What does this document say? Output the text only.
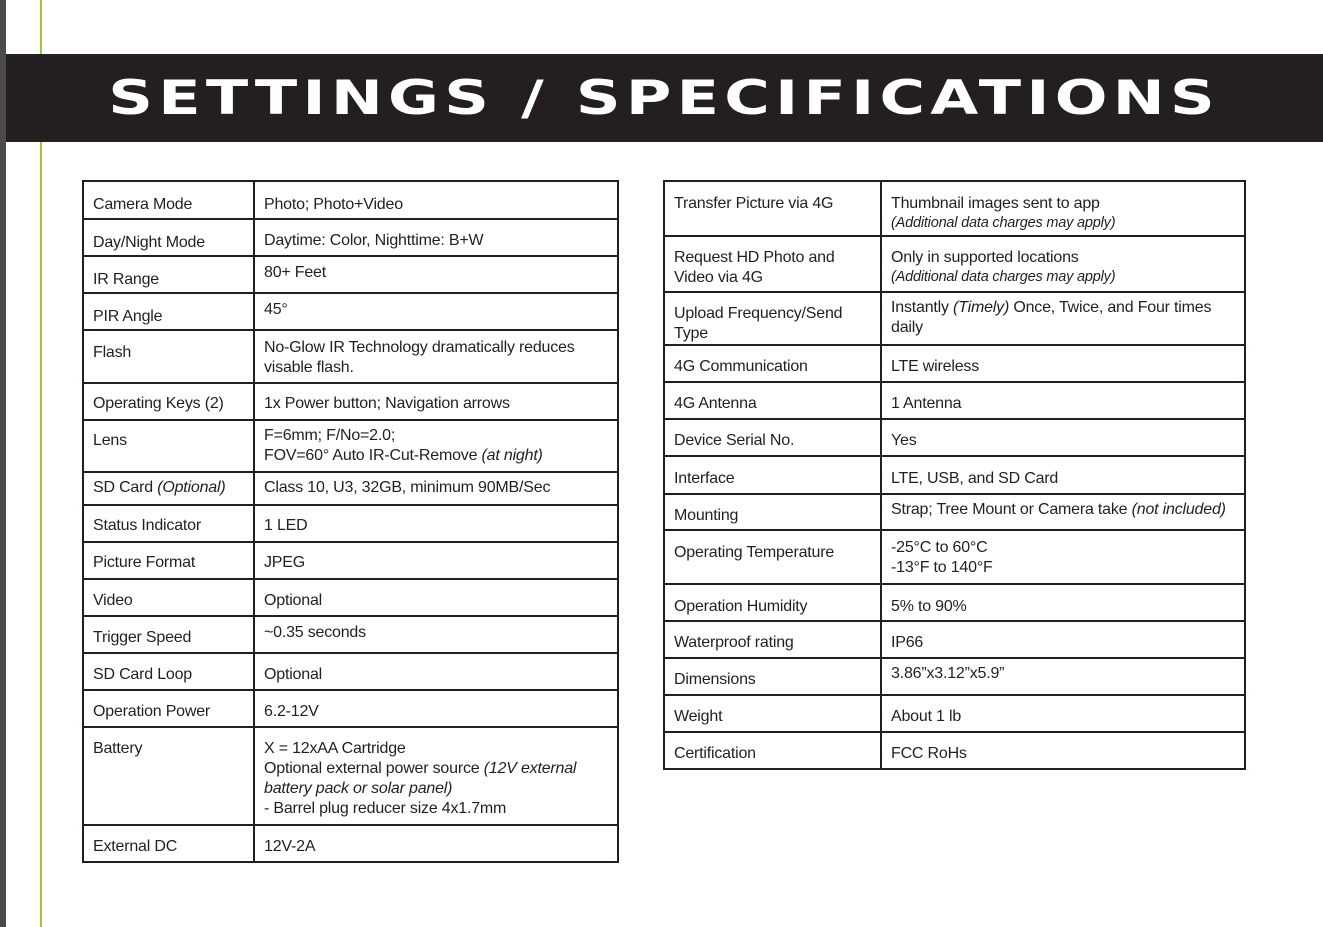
SETTINGS / SPECIFICATIONS
Camera Mode	Photo; Photo+Video
Day/Night Mode	Daytime: Color, Nighttime: B+W
IR Range	80+ Feet
PIR Angle	45°
Flash	No-Glow IR Technology dramatically reduces
visable flash.

Operating Keys (2)	1x Power button; Navigation arrows
Lens	F=6mm; F/No=2.0;
FOV=60° Auto IR-Cut-Remove (at night)

SD Card (Optional)	Class 10, U3, 32GB, minimum 90MB/Sec
Status Indicator	1 LED
Picture Format	JPEG
Video	Optional
Trigger Speed	~0.35 seconds
SD Card Loop	Optional
Operation Power	6.2-12V
Battery	X = 12xAA Cartridge
Optional external power source (12V external
battery pack or solar panel)
- Barrel plug reducer size 4x1.7mm

External DC	12V-2A
Transfer Picture via 4G	Thumbnail images sent to app
(Additional data charges may apply)

Request HD Photo and Video via 4G	Only in supported locations
(Additional data charges may apply)

Upload Frequency/Send Type	Instantly (Timely) Once, Twice, and Four times daily
4G Communication	LTE wireless
4G Antenna	1 Antenna
Device Serial No.	Yes
Interface	LTE, USB, and SD Card
Mounting	Strap; Tree Mount or Camera take (not included)
Operating Temperature	-25°C to 60°C
-13°F to 140°F

Operation Humidity	5% to 90%
Waterproof rating	IP66
Dimensions	3.86”x3.12”x5.9”
Weight	About 1 lb
Certification	FCC RoHs
